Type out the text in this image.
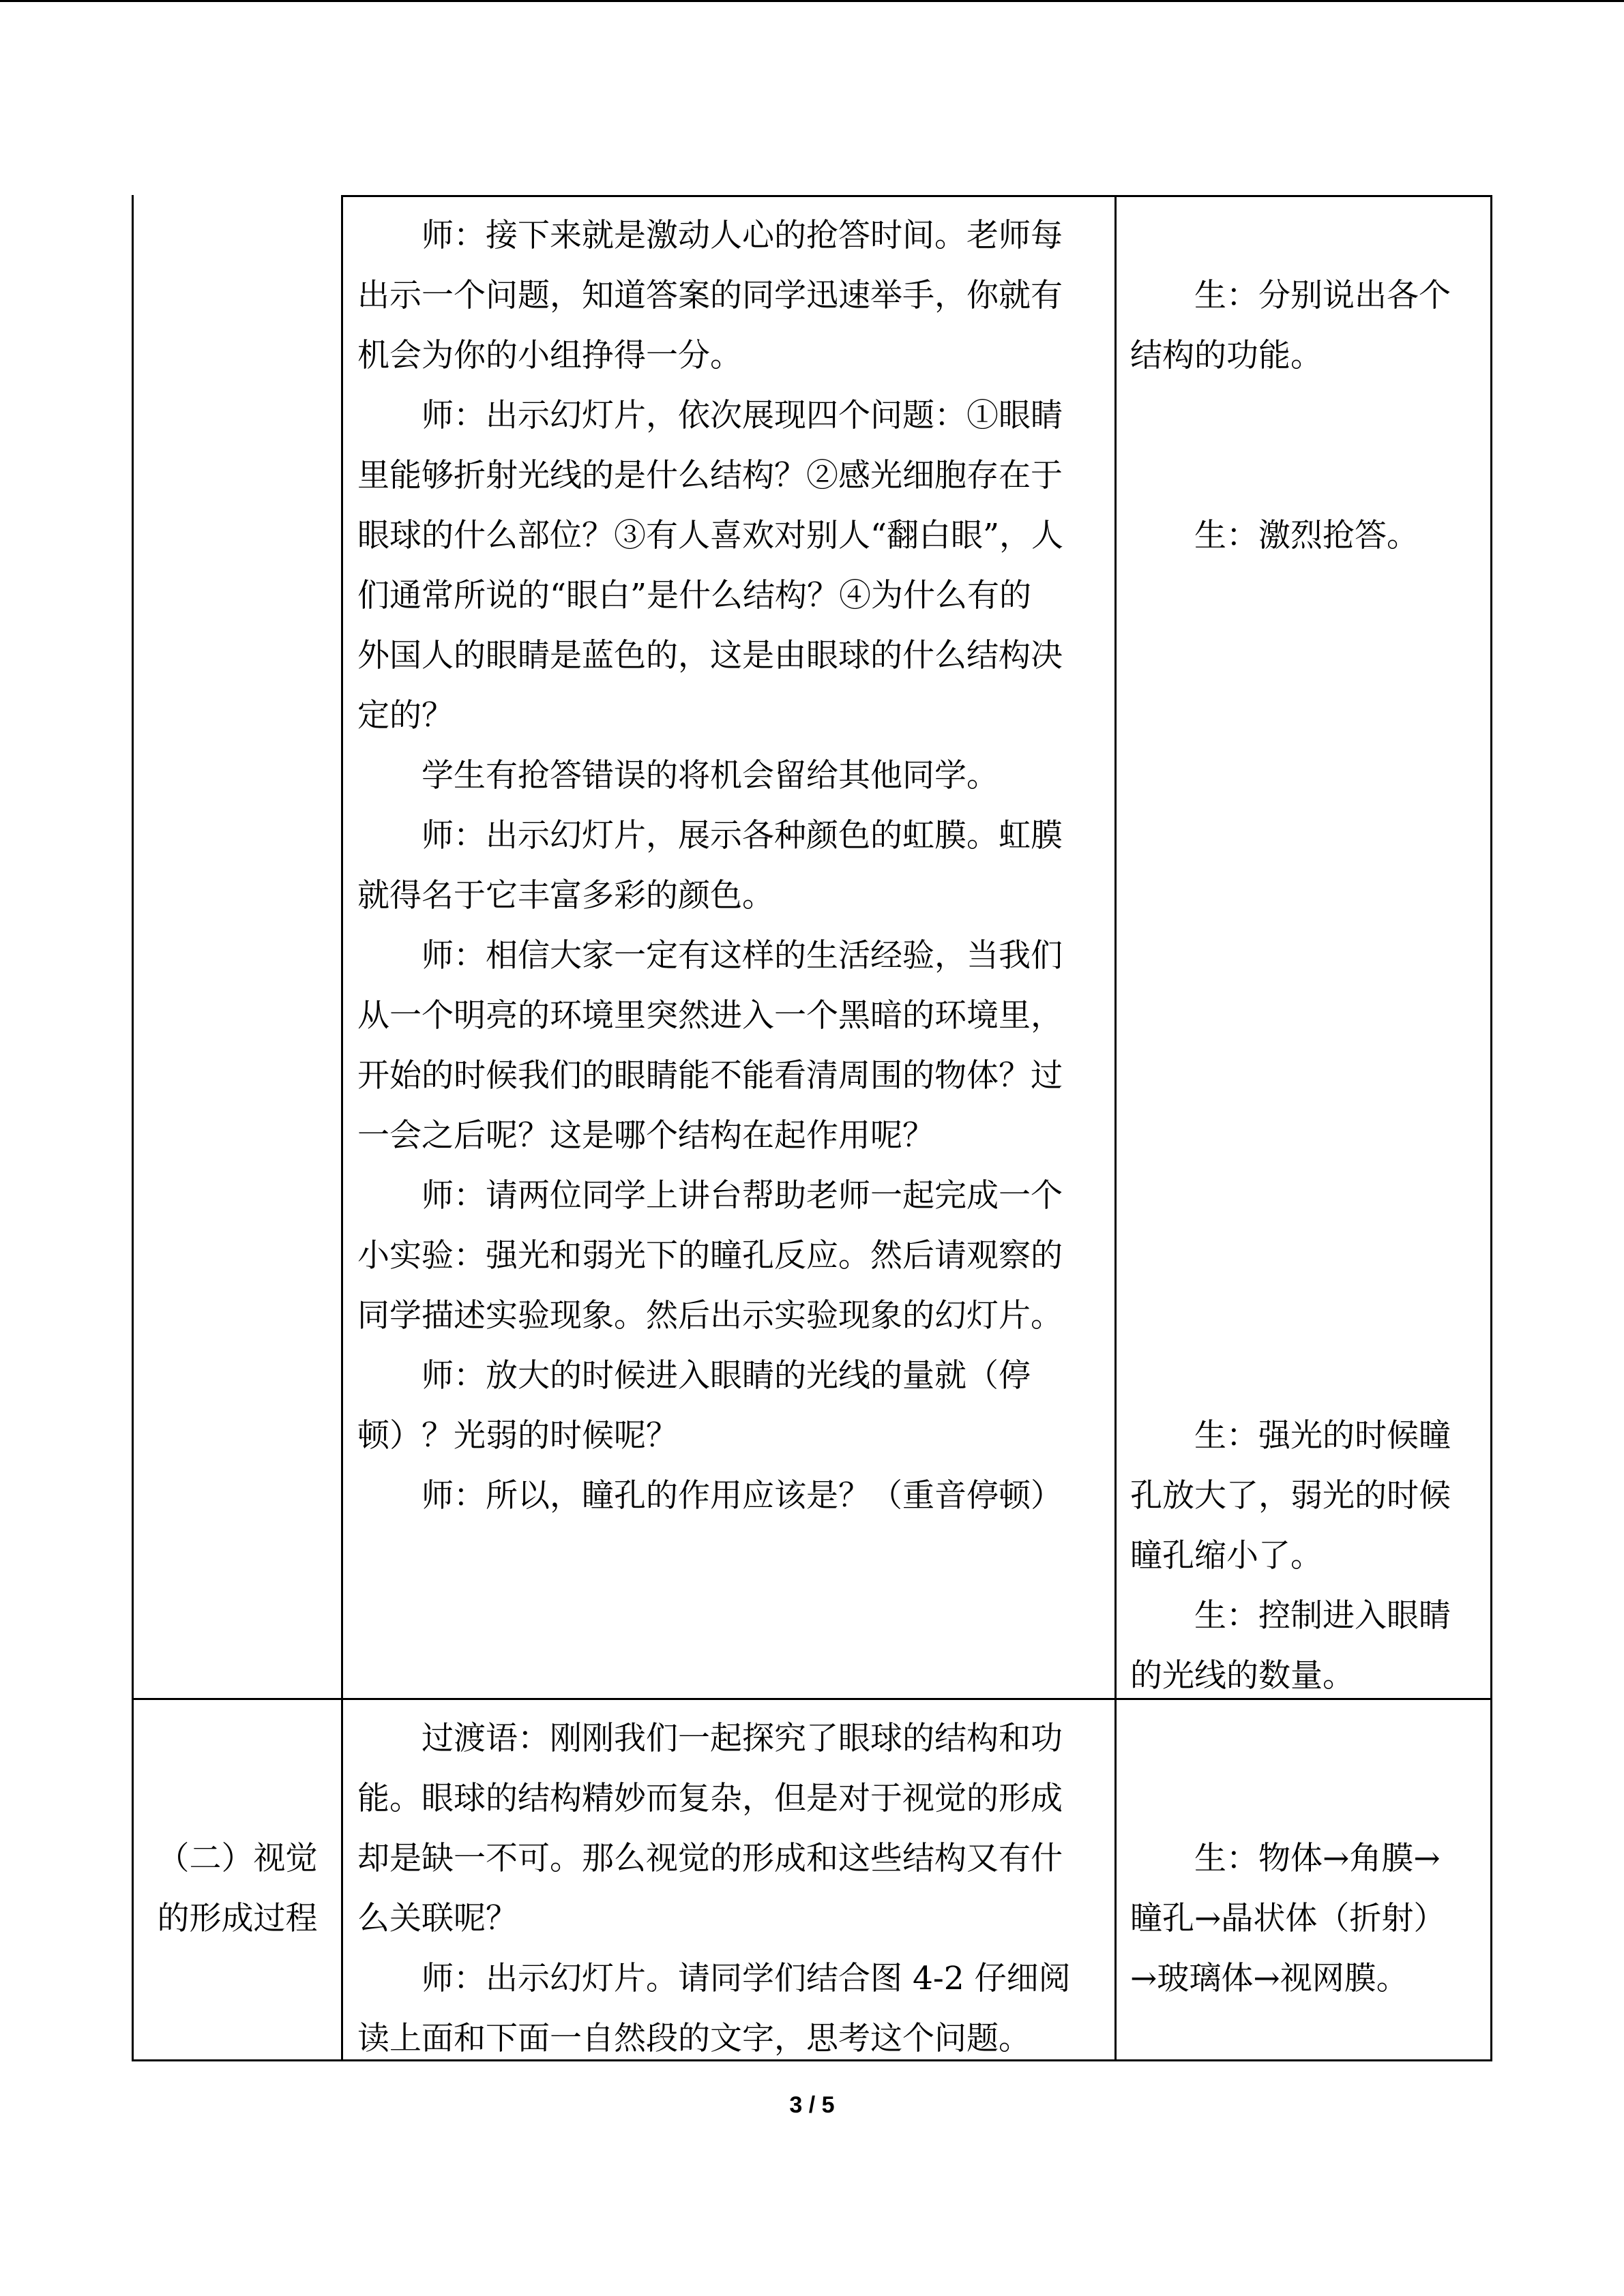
师：接下来就是激动人心的抢答时间。老师每
出示一个问题，知道答案的同学迅速举手，你就有
机会为你的小组挣得一分。
师：出示幻灯片，依次展现四个问题：①眼睛
里能够折射光线的是什么结构？②感光细胞存在于
眼球的什么部位？③有人喜欢对别人“翻白眼”，人
们通常所说的“眼白”是什么结构？④为什么有的
外国人的眼睛是蓝色的，这是由眼球的什么结构决
定的？
学生有抢答错误的将机会留给其他同学。
师：出示幻灯片，展示各种颜色的虹膜。虹膜
就得名于它丰富多彩的颜色。
师：相信大家一定有这样的生活经验，当我们
从一个明亮的环境里突然进入一个黑暗的环境里，
开始的时候我们的眼睛能不能看清周围的物体？过
一会之后呢？这是哪个结构在起作用呢？
师：请两位同学上讲台帮助老师一起完成一个
小实验：强光和弱光下的瞳孔反应。然后请观察的
同学描述实验现象。然后出示实验现象的幻灯片。
师：放大的时候进入眼睛的光线的量就（停
顿）？光弱的时候呢？
师：所以，瞳孔的作用应该是？（重音停顿）
生：分别说出各个
结构的功能。
生：激烈抢答。
生：强光的时候瞳
孔放大了，弱光的时候
瞳孔缩小了。
生：控制进入眼睛
的光线的数量。
（二）视觉
的形成过程
过渡语：刚刚我们一起探究了眼球的结构和功
能。眼球的结构精妙而复杂，但是对于视觉的形成
却是缺一不可。那么视觉的形成和这些结构又有什
么关联呢？
师：出示幻灯片。请同学们结合图 4-2 仔细阅
读上面和下面一自然段的文字，思考这个问题。
生：物体→角膜→
瞳孔→晶状体（折射）
→玻璃体→视网膜。
3 / 5
